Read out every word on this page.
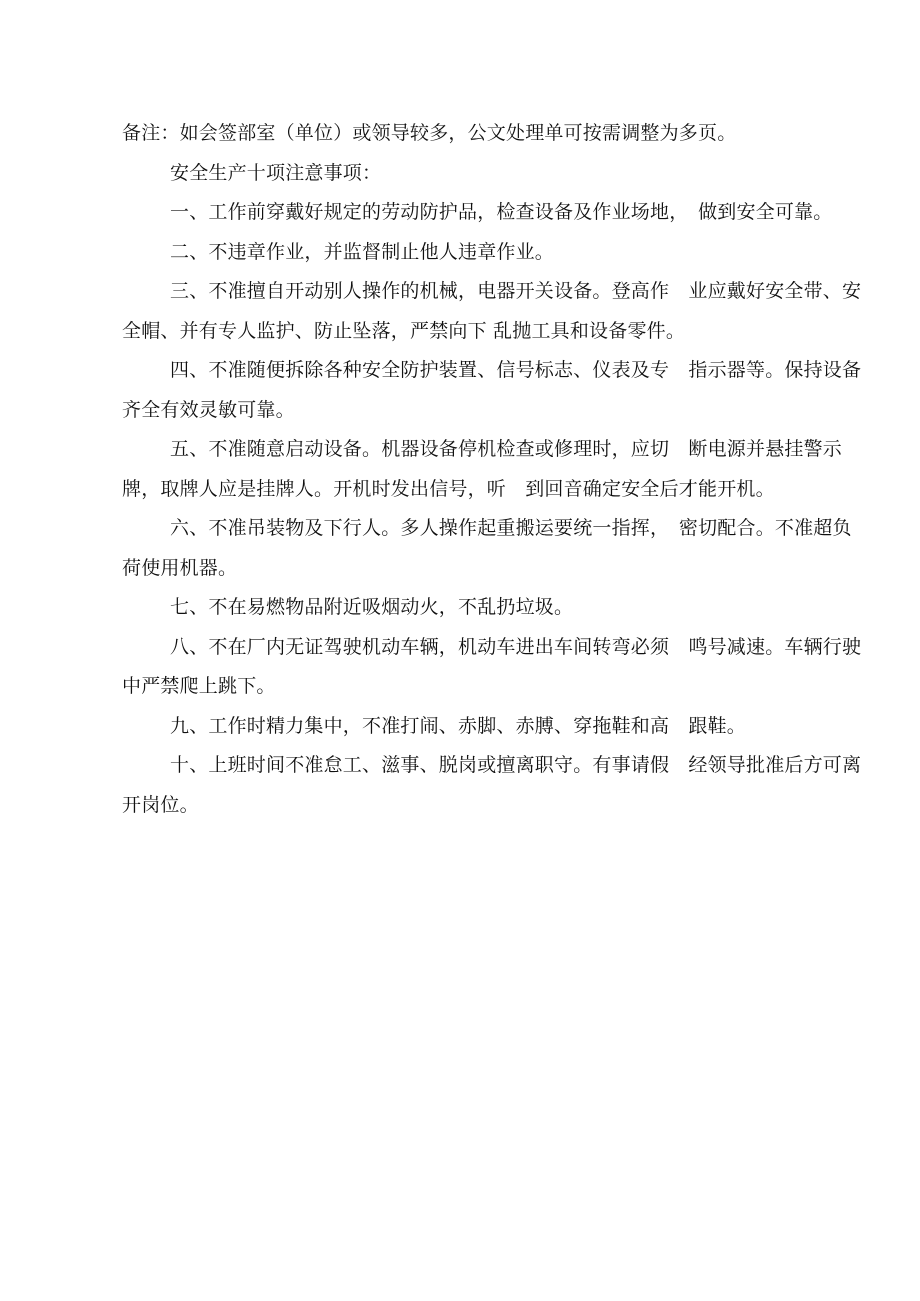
备注：如会签部室（单位）或领导较多，公文处理单可按需调整为多页。

安全生产十项注意事项：

一、工作前穿戴好规定的劳动防护品，检查设备及作业场地，　做到安全可靠。

二、不违章作业，并监督制止他人违章作业。

三、不准擅自开动别人操作的机械，电器开关设备。登高作　业应戴好安全带、安全帽、并有专人监护、防止坠落，严禁向下 乱抛工具和设备零件。

四、不准随便拆除各种安全防护装置、信号标志、仪表及专　指示器等。保持设备齐全有效灵敏可靠。

五、不准随意启动设备。机器设备停机检查或修理时，应切　断电源并悬挂警示牌，取牌人应是挂牌人。开机时发出信号，听　到回音确定安全后才能开机。

六、不准吊装物及下行人。多人操作起重搬运要统一指挥，　密切配合。不准超负荷使用机器。

七、不在易燃物品附近吸烟动火，不乱扔垃圾。

八、不在厂内无证驾驶机动车辆，机动车进出车间转弯必须　鸣号减速。车辆行驶中严禁爬上跳下。

九、工作时精力集中，不准打闹、赤脚、赤膊、穿拖鞋和高　跟鞋。

十、上班时间不准怠工、滋事、脱岗或擅离职守。有事请假　经领导批准后方可离开岗位。
